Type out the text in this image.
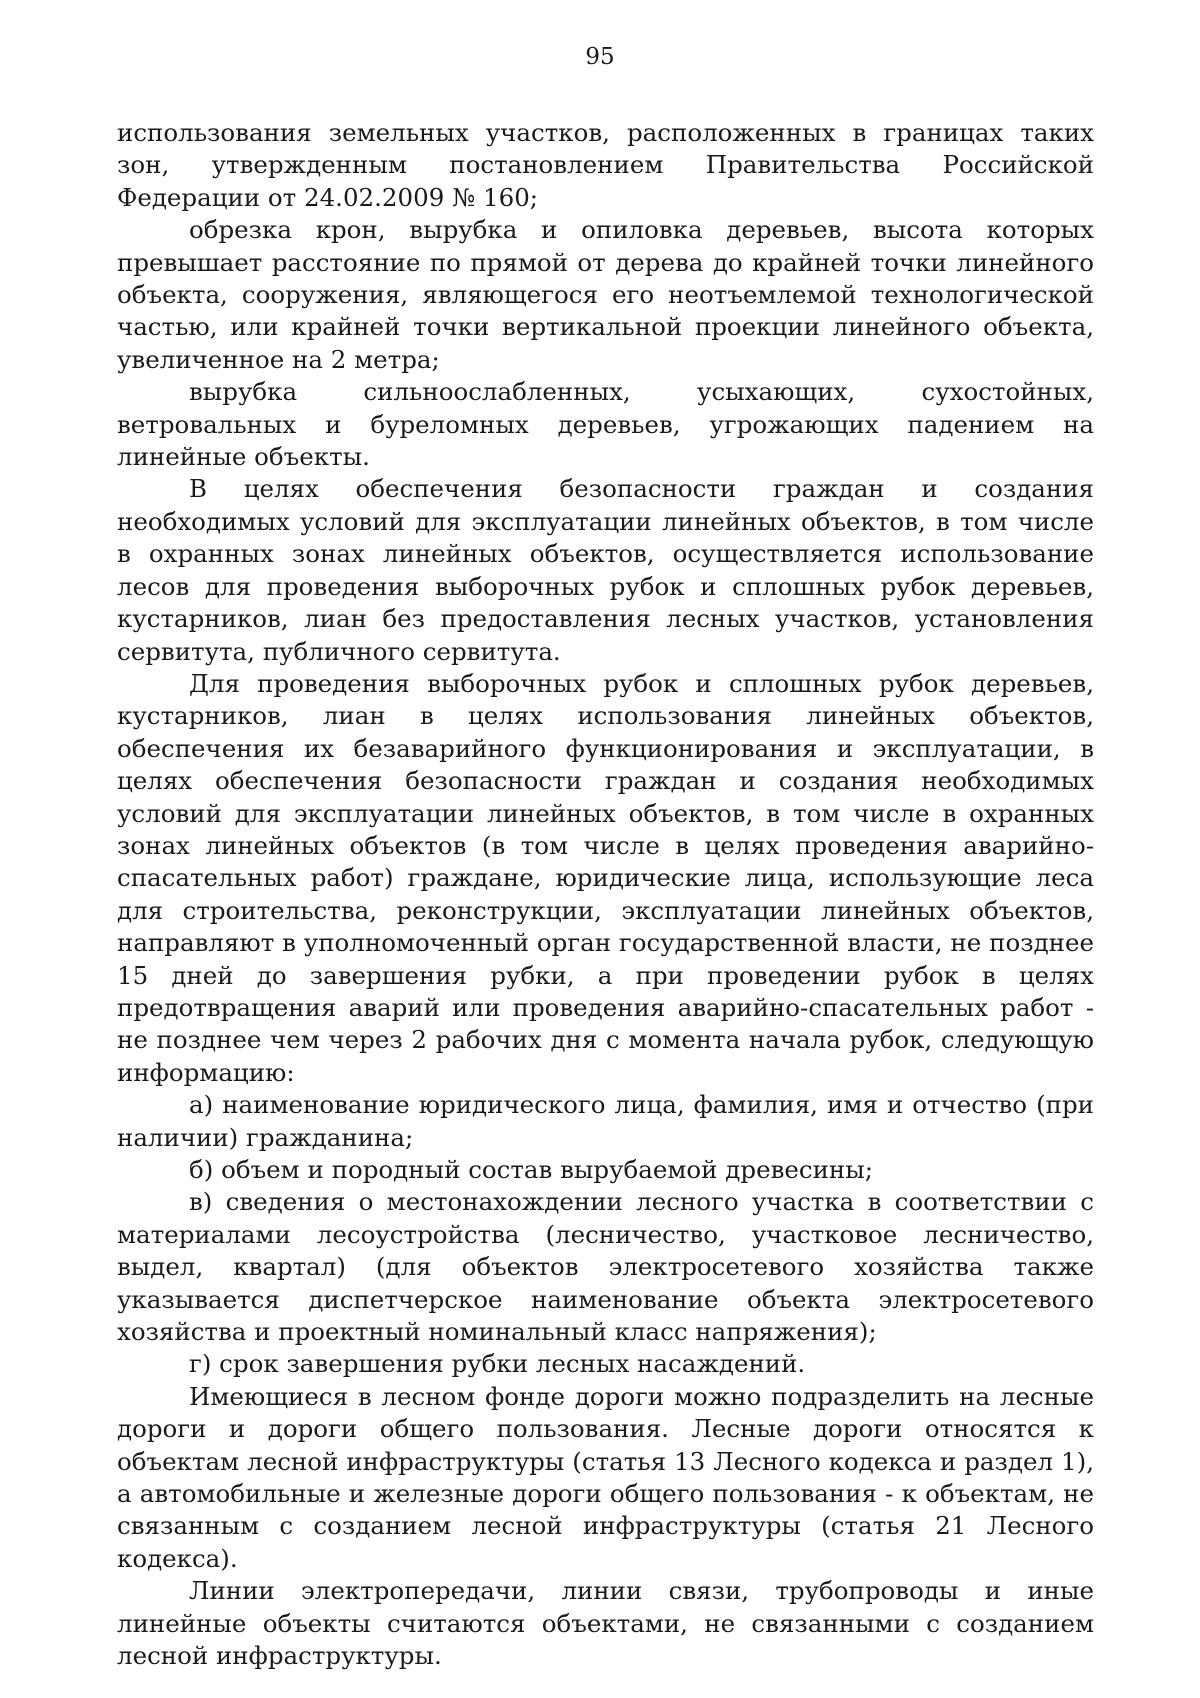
95

использования земельных участков, расположенных в границах таких зон, утвержденным постановлением Правительства Российской Федерации от 24.02.2009 № 160;

обрезка крон, вырубка и опиловка деревьев, высота которых превышает расстояние по прямой от дерева до крайней точки линейного объекта, сооружения, являющегося его неотъемлемой технологической частью, или крайней точки вертикальной проекции линейного объекта, увеличенное на 2 метра;

вырубка сильноослабленных, усыхающих, сухостойных, ветровальных и буреломных деревьев, угрожающих падением на линейные объекты.

В целях обеспечения безопасности граждан и создания необходимых условий для эксплуатации линейных объектов, в том числе в охранных зонах линейных объектов, осуществляется использование лесов для проведения выборочных рубок и сплошных рубок деревьев, кустарников, лиан без предоставления лесных участков, установления сервитута, публичного сервитута.

Для проведения выборочных рубок и сплошных рубок деревьев, кустарников, лиан в целях использования линейных объектов, обеспечения их безаварийного функционирования и эксплуатации, в целях обеспечения безопасности граждан и создания необходимых условий для эксплуатации линейных объектов, в том числе в охранных зонах линейных объектов (в том числе в целях проведения аварийно-спасательных работ) граждане, юридические лица, использующие леса для строительства, реконструкции, эксплуатации линейных объектов, направляют в уполномоченный орган государственной власти, не позднее 15 дней до завершения рубки, а при проведении рубок в целях предотвращения аварий или проведения аварийно-спасательных работ - не позднее чем через 2 рабочих дня с момента начала рубок, следующую информацию:

а) наименование юридического лица, фамилия, имя и отчество (при наличии) гражданина;

б) объем и породный состав вырубаемой древесины;

в) сведения о местонахождении лесного участка в соответствии с материалами лесоустройства (лесничество, участковое лесничество, выдел, квартал) (для объектов электросетевого хозяйства также указывается диспетчерское наименование объекта электросетевого хозяйства и проектный номинальный класс напряжения);

г) срок завершения рубки лесных насаждений.

Имеющиеся в лесном фонде дороги можно подразделить на лесные дороги и дороги общего пользования. Лесные дороги относятся к объектам лесной инфраструктуры (статья 13 Лесного кодекса и раздел 1), а автомобильные и железные дороги общего пользования - к объектам, не связанным с созданием лесной инфраструктуры (статья 21 Лесного кодекса).

Линии электропередачи, линии связи, трубопроводы и иные линейные объекты считаются объектами, не связанными с созданием лесной инфраструктуры.
